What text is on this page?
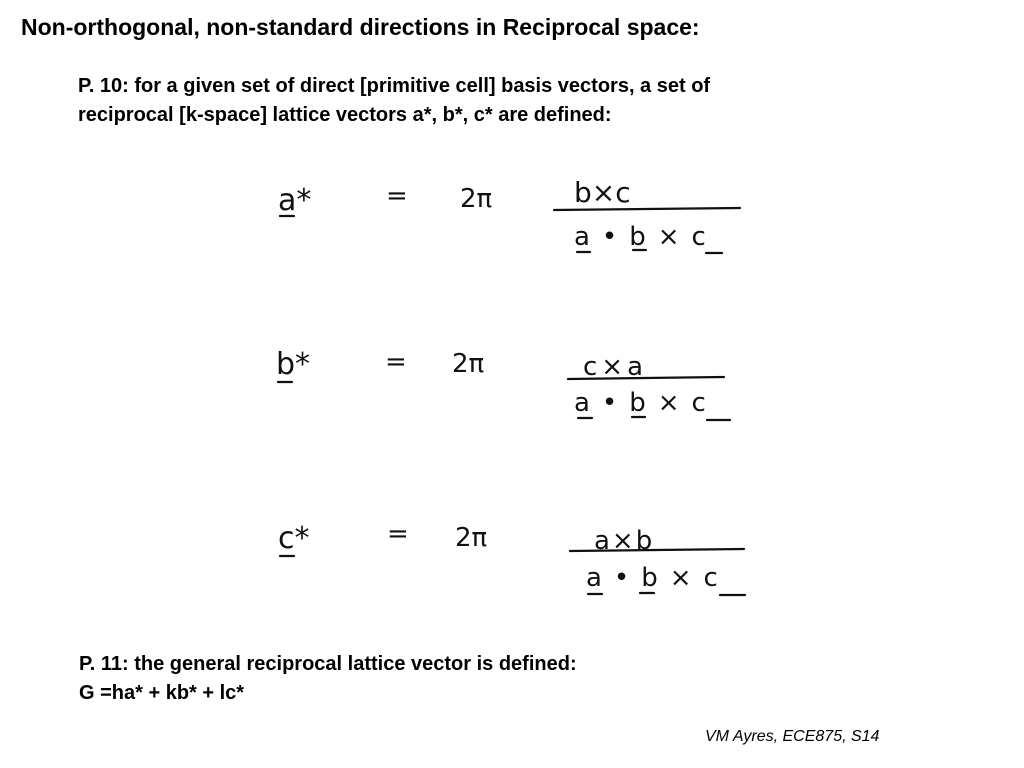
Non-orthogonal, non-standard directions in Reciprocal space:
P. 10: for a given set of direct [primitive cell] basis vectors, a set of
reciprocal [k-space] lattice vectors a*, b*, c* are defined:
a*	= 2π	b×c
a•b×c
b*	= 2π	c×a
a•b×c
c*	= 2π	a×b
a•b×c
P. 11: the general reciprocal lattice vector is defined:
G =ha* + kb* + lc*
VM Ayres, ECE875, S14
